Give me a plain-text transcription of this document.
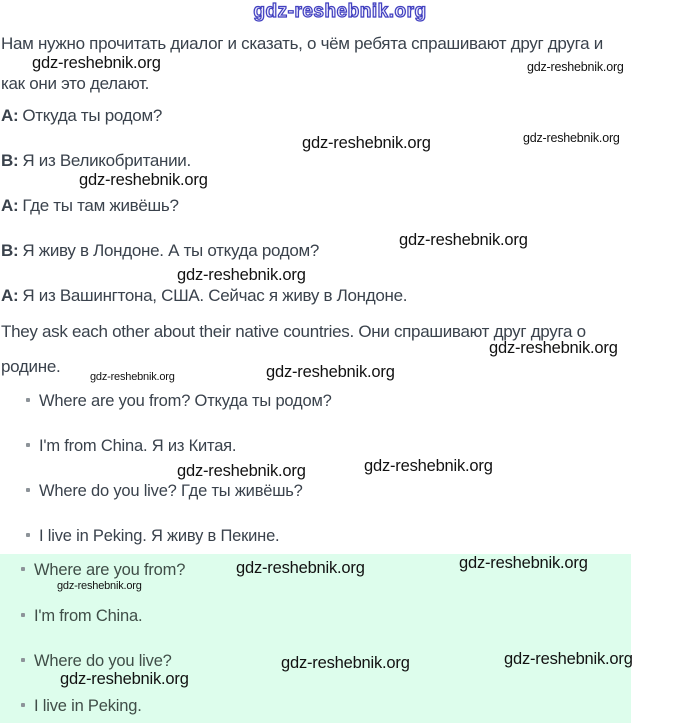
gdz-reshebnik.org
Нам нужно прочитать диалог и сказать, о чём ребята спрашивают друг друга и
как они это делают.
A: Откуда ты родом?
B: Я из Великобритании.
A: Где ты там живёшь?
B: Я живу в Лондоне. А ты откуда родом?
A: Я из Вашингтона, США. Сейчас я живу в Лондоне.
They ask each other about their native countries. Они спрашивают друг друга о
родине.
Where are you from? Откуда ты родом?
I'm from China. Я из Китая.
Where do you live? Где ты живёшь?
I live in Peking. Я живу в Пекине.
Where are you from?
I'm from China.
Where do you live?
I live in Peking.
gdz-reshebnik.org	gdz-reshebnik.org
gdz-reshebnik.org	gdz-reshebnik.org
gdz-reshebnik.org
gdz-reshebnik.org
gdz-reshebnik.org
gdz-reshebnik.org
gdz-reshebnik.org
gdz-reshebnik.org
gdz-reshebnik.org	gdz-reshebnik.org
gdz-reshebnik.org	gdz-reshebnik.org
gdz-reshebnik.org
gdz-reshebnik.org	gdz-reshebnik.org
gdz-reshebnik.org
